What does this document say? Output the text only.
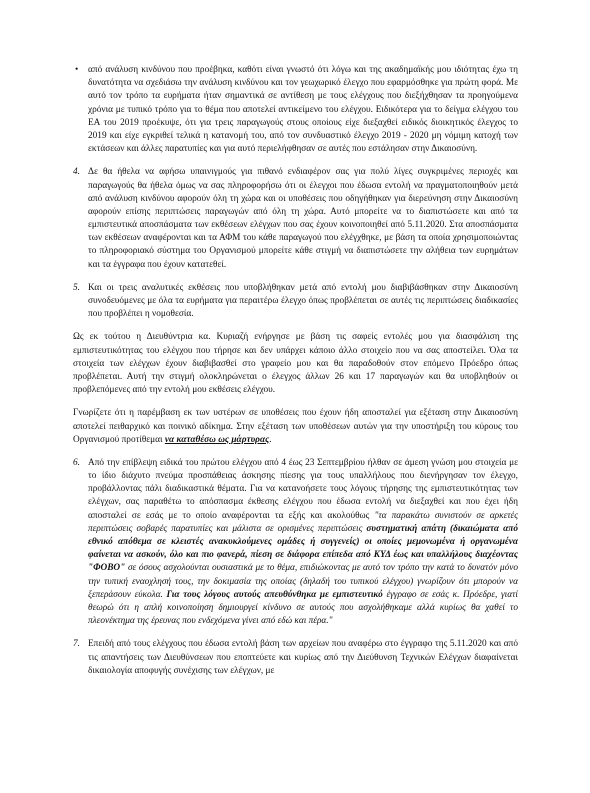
• από ανάλυση κινδύνου που προέβηκα, καθότι είναι γνωστό ότι λόγω και της ακαδημαϊκής μου ιδιότητας έχω τη δυνατότητα να σχεδιάσω την ανάλυση κινδύνου και τον γεωχωρικό έλεγχο που εφαρμόσθηκε για πρώτη φορά. Με αυτό τον τρόπο τα ευρήματα ήταν σημαντικά σε αντίθεση με τους ελέγχους που διεξήχθησαν τα προηγούμενα χρόνια με τυπικό τρόπο για το θέμα που αποτελεί αντικείμενο του ελέγχου. Ειδικότερα για το δείγμα ελέγχου του ΕΑ του 2019 προέκυψε, ότι για τρεις παραγωγούς στους οποίους είχε διεξαχθεί ειδικός διοικητικός έλεγχος το 2019 και είχε εγκριθεί τελικά η κατανομή του, από τον συνδυαστικό έλεγχο 2019 - 2020 μη νόμιμη κατοχή των εκτάσεων και άλλες παρατυπίες και για αυτό περιελήφθησαν σε αυτές που εστάλησαν στην Δικαιοσύνη.
4. Δε θα ήθελα να αφήσω υπαινιγμούς για πιθανό ενδιαφέρον σας για πολύ λίγες συγκριμένες περιοχές και παραγωγούς θα ήθελα όμως να σας πληροφορήσω ότι οι έλεγχοι που έδωσα εντολή να πραγματοποιηθούν μετά από ανάλυση κινδύνου αφορούν όλη τη χώρα και οι υποθέσεις που οδηγήθηκαν για διερεύνηση στην Δικαιοσύνη αφορούν επίσης περιπτώσεις παραγωγών από όλη τη χώρα. Αυτό μπορείτε να το διαπιστώσετε και από τα εμπιστευτικά αποσπάσματα των εκθέσεων ελέγχων που σας έχουν κοινοποιηθεί από 5.11.2020. Στα αποσπάσματα των εκθέσεων αναφέρονται και τα ΑΦΜ του κάθε παραγωγού που ελέγχθηκε, με βάση τα οποία χρησιμοποιώντας το πληροφοριακό σύστημα του Οργανισμού μπορείτε κάθε στιγμή να διαπιστώσετε την αλήθεια των ευρημάτων και τα έγγραφα που έχουν κατατεθεί.
5. Και οι τρεις αναλυτικές εκθέσεις που υποβλήθηκαν μετά από εντολή μου διαβιβάσθηκαν στην Δικαιοσύνη συνοδευόμενες με όλα τα ευρήματα για περαιτέρω έλεγχο όπως προβλέπεται σε αυτές τις περιπτώσεις διαδικασίες που προβλέπει η νομοθεσία.
Ως εκ τούτου η Διευθύντρια κα. Κυριαζή ενήργησε με βάση τις σαφείς εντολές μου για διασφάλιση της εμπιστευτικότητας του ελέγχου που τήρησε και δεν υπάρχει κάποιο άλλο στοιχείο που να σας αποστείλει. Όλα τα στοιχεία των ελέγχων έχουν διαβιβασθεί στο γραφείο μου και θα παραδοθούν στον επόμενο Πρόεδρο όπως προβλέπεται. Αυτή την στιγμή ολοκληρώνεται ο έλεγχος άλλων 26 και 17 παραγωγών και θα υποβληθούν οι προβλεπόμενες από την εντολή μου εκθέσεις ελέγχου.
Γνωρίζετε ότι η παρέμβαση εκ των υστέρων σε υποθέσεις που έχουν ήδη αποσταλεί για εξέταση στην Δικαιοσύνη αποτελεί πειθαρχικό και ποινικό αδίκημα. Στην εξέταση των υποθέσεων αυτών για την υποστήριξη του κύρους του Οργανισμού προτίθεμαι να καταθέσω ως μάρτυρας.
6. Από την επίβλεψη ειδικά του πρώτου ελέγχου από 4 έως 23 Σεπτεμβρίου ήλθαν σε άμεση γνώση μου στοιχεία με το ίδιο διάχυτο πνεύμα προσπάθειας άσκησης πίεσης για τους υπαλλήλους που διενήργησαν τον έλεγχο, προβάλλοντας πάλι διαδικαστικά θέματα. Για να κατανοήσετε τους λόγους τήρησης της εμπιστευτικότητας των ελέγχων, σας παραθέτω το απόσπασμα έκθεσης ελέγχου που έδωσα εντολή να διεξαχθεί και που έχει ήδη αποσταλεί σε εσάς με το οποίο αναφέρονται τα εξής και ακολούθως "τα παρακάτω συνιστούν σε αρκετές περιπτώσεις σοβαρές παρατυπίες και μάλιστα σε ορισμένες περιπτώσεις συστηματική απάτη (δικαιώματα από εθνικό απόθεμα σε κλειστές ανακυκλούμενες ομάδες ή συγγενείς) οι οποίες μεμονωμένα ή οργανωμένα φαίνεται να ασκούν, όλο και πιο φανερά, πίεση σε διάφορα επίπεδα από ΚΥΔ έως και υπαλλήλους διαχέοντας "ΦΟΒΟ" σε όσους ασχολούνται ουσιαστικά με το θέμα, επιδιώκοντας με αυτό τον τρόπο την κατά το δυνατόν μόνο την τυπική εναοχλησή τους, την δοκιμασία της οποίας (δηλαδή του τυπικού ελέγχου) γνωρίζουν ότι μπορούν να ξεπεράσουν εύκολα. Για τους λόγους αυτούς απευθύνθηκα με εμπιστευτικό έγγραφο σε εσάς κ. Πρόεδρε, γιατί θεωρώ ότι η απλή κοινοποίηση δημιουργεί κίνδυνο σε αυτούς που ασχολήθηκαμε αλλά κυρίως θα χαθεί το πλεονέκτημα της έρευνας που ενδεχόμενα γίνει από εδώ και πέρα."
7. Επειδή από τους ελέγχους που έδωσα εντολή βάση των αρχείων που αναφέρω στο έγγραφο της 5.11.2020 και από τις απαντήσεις των Διευθύνσεων που εποπτεύετε και κυρίως από την Διεύθυνση Τεχνικών Ελέγχων διαφαίνεται δικαιολογία αποφυγής συνέχισης των ελέγχων, με
